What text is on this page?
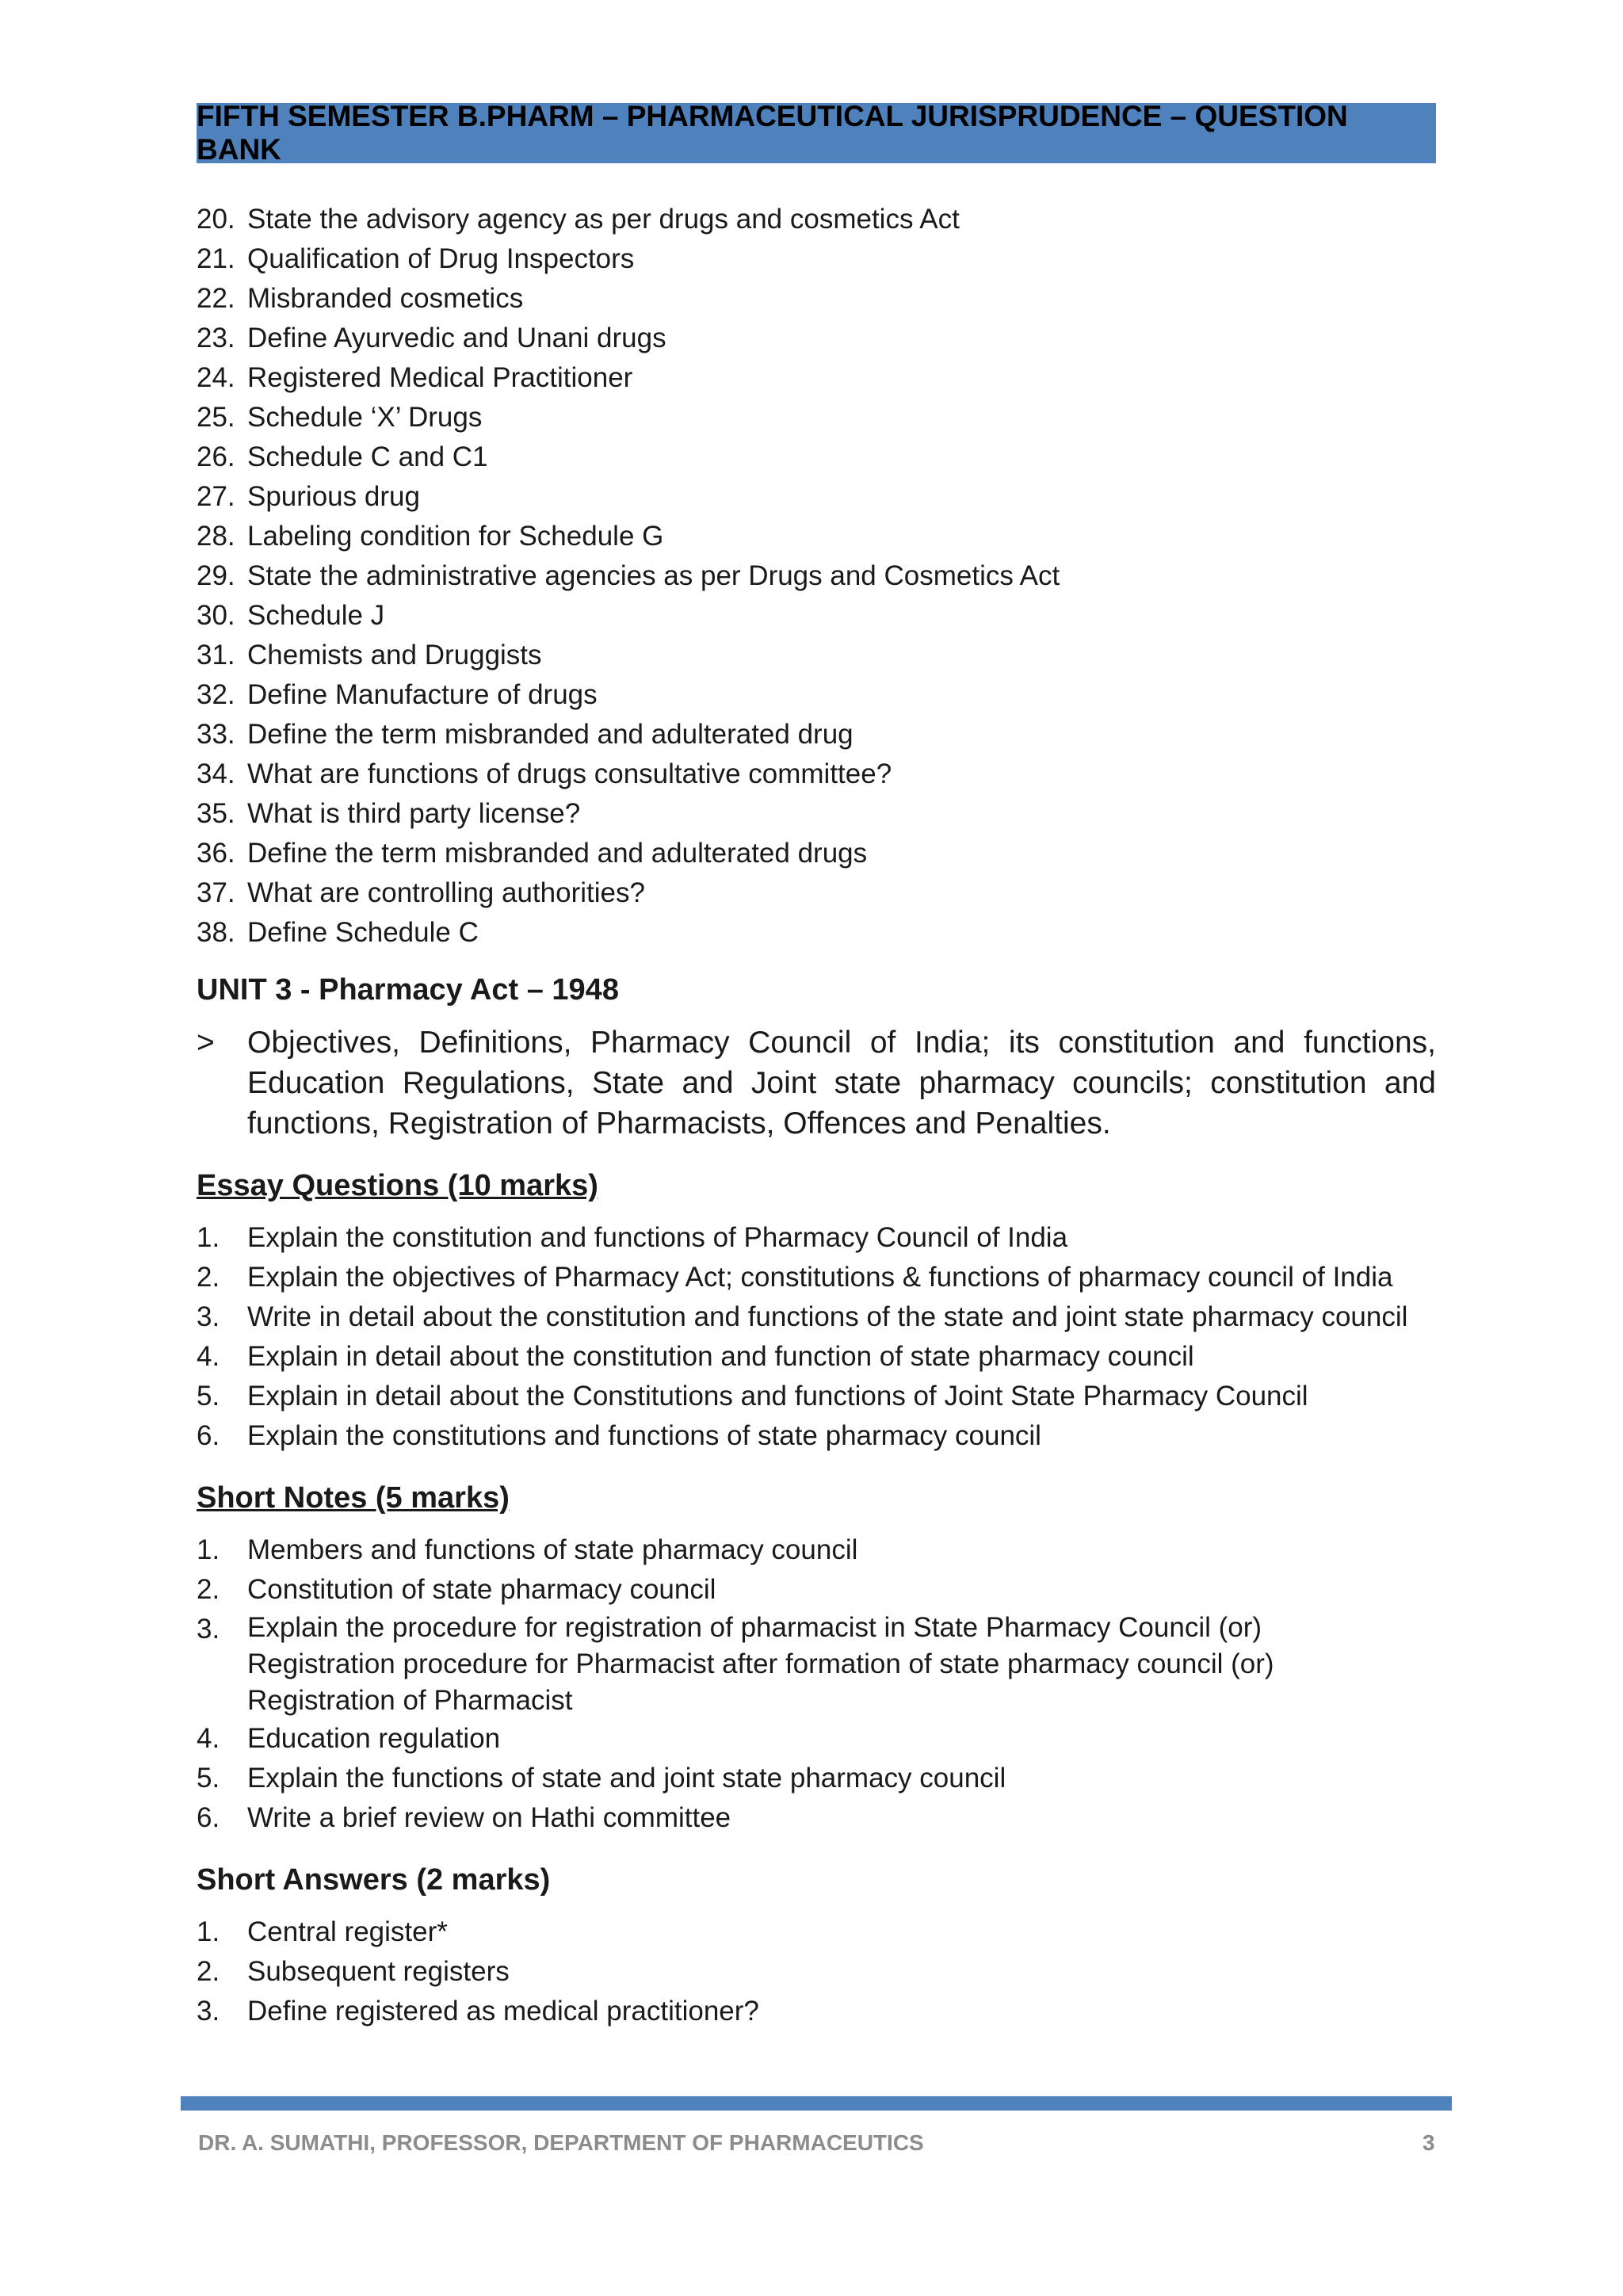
FIFTH SEMESTER B.PHARM – PHARMACEUTICAL JURISPRUDENCE – QUESTION BANK
20. State the advisory agency as per drugs and cosmetics Act
21. Qualification of Drug Inspectors
22. Misbranded cosmetics
23. Define Ayurvedic and Unani drugs
24. Registered Medical Practitioner
25. Schedule ‘X’ Drugs
26. Schedule C and C1
27. Spurious drug
28. Labeling condition for Schedule G
29. State the administrative agencies as per Drugs and Cosmetics Act
30. Schedule J
31. Chemists and Druggists
32. Define Manufacture of drugs
33. Define the term misbranded and adulterated drug
34. What are functions of drugs consultative committee?
35. What is third party license?
36. Define the term misbranded and adulterated drugs
37. What are controlling authorities?
38. Define Schedule C
UNIT 3 - Pharmacy Act – 1948
>	Objectives, Definitions, Pharmacy Council of India; its constitution and functions, Education Regulations, State and Joint state pharmacy councils; constitution and functions, Registration of Pharmacists, Offences and Penalties.
Essay Questions (10 marks)
1. Explain the constitution and functions of Pharmacy Council of India
2. Explain the objectives of Pharmacy Act; constitutions & functions of pharmacy council of India
3. Write in detail about the constitution and functions of the state and joint state pharmacy council
4. Explain in detail about the constitution and function of state pharmacy council
5. Explain in detail about the Constitutions and functions of Joint State Pharmacy Council
6. Explain the constitutions and functions of state pharmacy council
Short Notes (5 marks)
1. Members and functions of state pharmacy council
2. Constitution of state pharmacy council
3. Explain the procedure for registration of pharmacist in State Pharmacy Council (or)
Registration procedure for Pharmacist after formation of state pharmacy council (or)
Registration of Pharmacist
4. Education regulation
5. Explain the functions of state and joint state pharmacy council
6. Write a brief review on Hathi committee
Short Answers (2 marks)
1. Central register*
2. Subsequent registers
3. Define registered as medical practitioner?
DR. A. SUMATHI, PROFESSOR, DEPARTMENT OF PHARMACEUTICS	3
